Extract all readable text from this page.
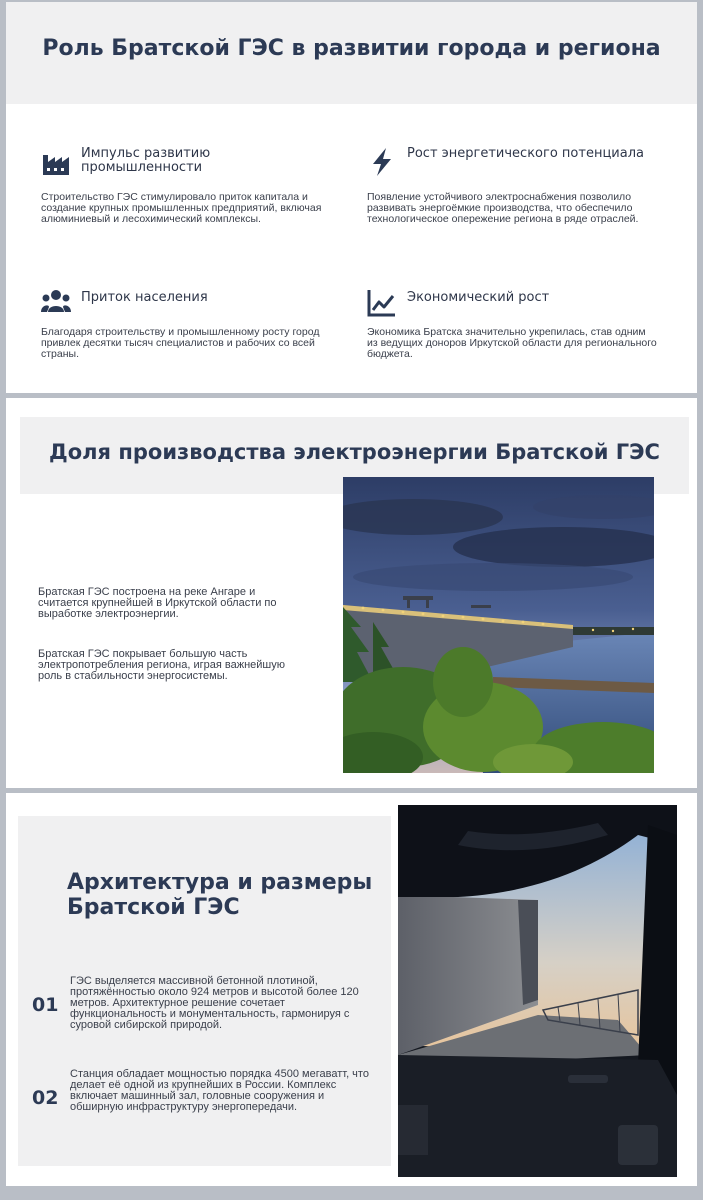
Роль Братской ГЭС в развитии города и региона
Импульс развитию промышленности
Строительство ГЭС стимулировало приток капитала и создание крупных промышленных предприятий, включая алюминиевый и лесохимический комплексы.
Рост энергетического потенциала
Появление устойчивого электроснабжения позволило развивать энергоёмкие производства, что обеспечило технологическое опережение региона в ряде отраслей.
Приток населения
Благодаря строительству и промышленному росту город привлек десятки тысяч специалистов и рабочих со всей страны.
Экономический рост
Экономика Братска значительно укрепилась, став одним из ведущих доноров Иркутской области для регионального бюджета.
Доля производства электроэнергии Братской ГЭС
Братская ГЭС построена на реке Ангаре и считается крупнейшей в Иркутской области по выработке электроэнергии.
Братская ГЭС покрывает большую часть электропотребления региона, играя важнейшую роль в стабильности энергосистемы.
Архитектура и размеры Братской ГЭС
01
ГЭС выделяется массивной бетонной плотиной, протяжённостью около 924 метров и высотой более 120 метров. Архитектурное решение сочетает функциональность и монументальность, гармонируя с суровой сибирской природой.
02
Станция обладает мощностью порядка 4500 мегаватт, что делает её одной из крупнейших в России. Комплекс включает машинный зал, головные сооружения и обширную инфраструктуру энергопередачи.
